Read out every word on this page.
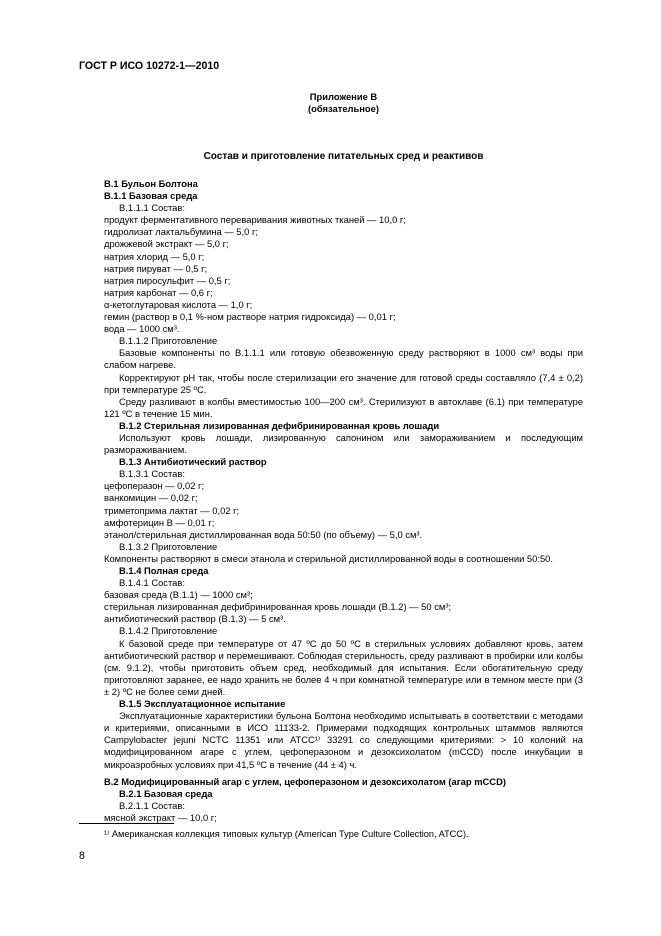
ГОСТ Р ИСО 10272-1—2010
Приложение В
(обязательное)
Состав и приготовление питательных сред и реактивов

B.1 Бульон Болтона

В.1.1 Базовая среда

В.1.1.1 Состав:

продукт ферментативного переваривания животных тканей — 10,0 г;

гидролизат лактальбумина — 5,0 г;

дрожжевой экстракт — 5,0 г;

натрия хлорид — 5,0 г;

натрия пируват — 0,5 г;

натрия пиросульфит — 0,5 г;

натрия карбонат — 0,6 г;

α-кетоглутаровая кислота — 1,0 г;

гемин (раствор в 0,1 %-ном растворе натрия гидроксида) — 0,01 г;

вода — 1000 см³.

В.1.1.2 Приготовление

Базовые компоненты по В.1.1.1 или готовую обезвоженную среду растворяют в 1000 см³ воды при слабом нагреве.

Корректируют pH так, чтобы после стерилизации его значение для готовой среды составляло (7,4 ± 0,2) при температуре 25 ºС.

Среду разливают в колбы вместимостью 100—200 см³. Стерилизуют в автоклаве (6.1) при температуре 121 ºС в течение 15 мин.

В.1.2 Стерильная лизированная дефибринированная кровь лошади

Используют кровь лошади, лизированную сапонином или замораживанием и последующим размораживанием.

В.1.3 Антибиотический раствор

В.1.3.1 Состав:

цефоперазон — 0,02 г;

ванкомицин — 0,02 г;

триметоприма лактат — 0,02 г;

амфотерицин В — 0,01 г;

этанол/стерильная дистиллированная вода 50:50 (по объему) — 5,0 см³.

В.1.3.2 Приготовление

Компоненты растворяют в смеси этанола и стерильной дистиллированной воды в соотношении 50:50.

В.1.4 Полная среда

В.1.4.1 Состав:

базовая среда (В.1.1) — 1000 см³;

стерильная лизированная дефибринированная кровь лошади (В.1.2) — 50 см³;

антибиотический раствор (В.1.3) — 5 см³.

В.1.4.2 Приготовление

К базовой среде при температуре от 47 ºС до 50 ºС в стерильных условиях добавляют кровь, затем антибиотический раствор и перемешивают. Соблюдая стерильность, среду разливают в пробирки или колбы (см. 9.1.2), чтобы приготовить объем сред, необходимый для испытания. Если обогатительную среду приготовляют заранее, ее надо хранить не более 4 ч при комнатной температуре или в темном месте при (3 ± 2) ºС не более семи дней.

В.1.5 Эксплуатационное испытание

Эксплуатационные характеристики бульона Болтона необходимо испытывать в соответствии с методами и критериями, описанными в ИСО 11133-2. Примерами подходящих контрольных штаммов являются Campylobacter jejuni NCTC 11351 или АТСС¹⁾ 33291 со следующими критериями: > 10 колоний на модифицированном агаре с углем, цефоперазоном и дезоксихолатом (mCCD) после инкубации в микроаэробных условиях при 41,5 ºС в течение (44 ± 4) ч.

В.2 Модифицированный агар с углем, цефоперазоном и дезоксихолатом (агар mCCD)

В.2.1 Базовая среда

В.2.1.1 Состав:

мясной экстракт — 10,0 г;

¹⁾ Американская коллекция типовых культур (American Type Culture Collection, ATCC).
8
